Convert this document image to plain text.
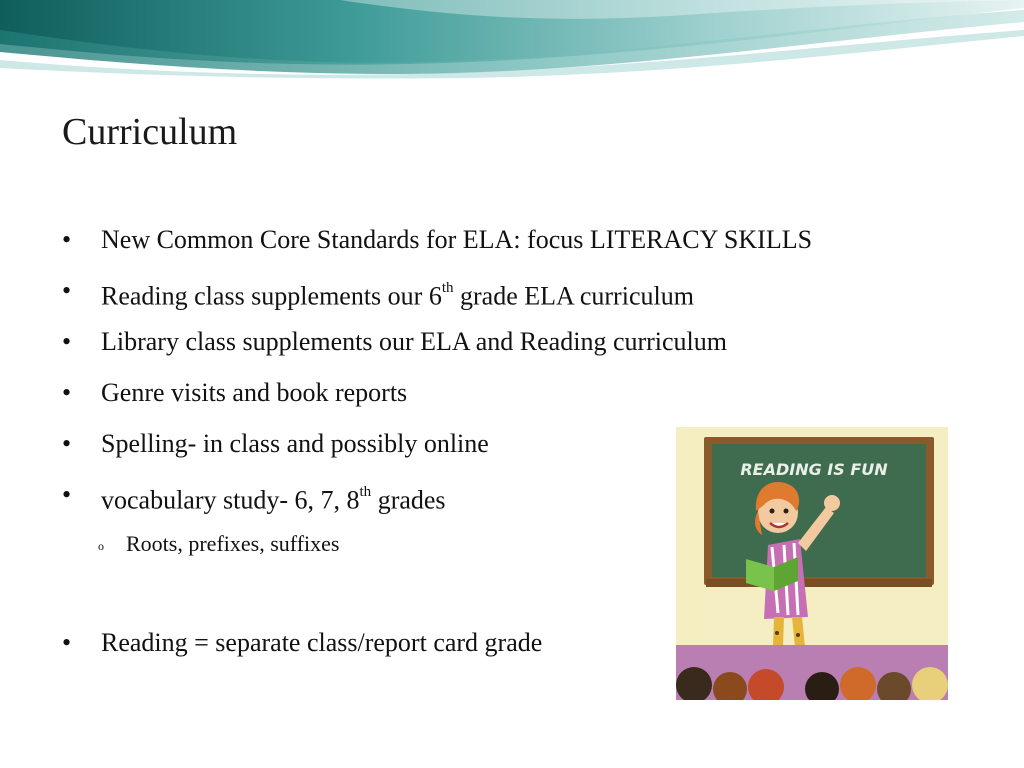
Curriculum
•	New Common Core Standards for ELA: focus LITERACY SKILLS
•	Reading class supplements our 6th grade ELA curriculum
•	Library class supplements our ELA and Reading curriculum
•	Genre visits and book reports
•	Spelling- in class and possibly online
•	vocabulary study- 6, 7, 8th grades
o Roots, prefixes, suffixes
•	Reading = separate class/report card grade
READING IS FUN
